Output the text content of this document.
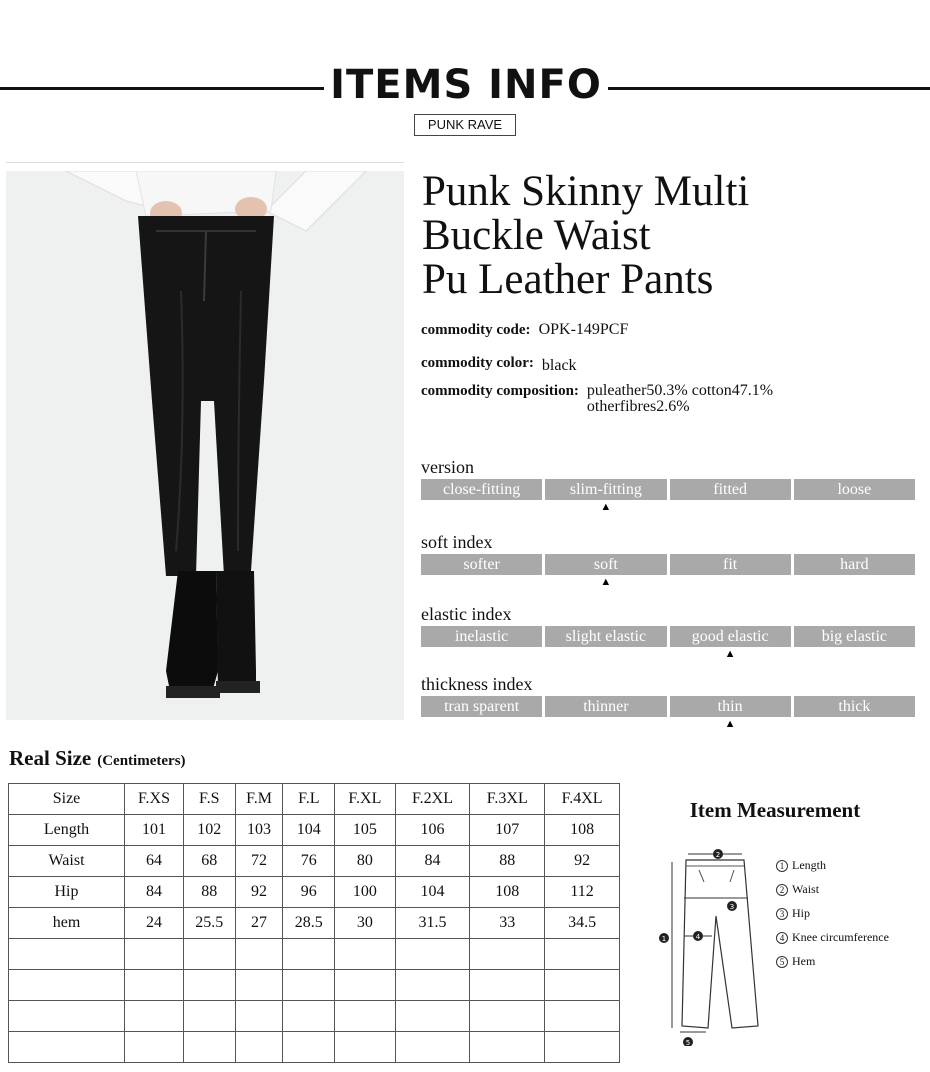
ITEMS INFO
PUNK RAVE
Punk Skinny Multi
Buckle Waist
Pu Leather Pants
commodity code: OPK-149PCF
commodity color: black
commodity composition: puleather50.3% cotton47.1%
otherfibres2.6%
version
close-fitting	slim-fitting
▲
fitted	loose
soft index
softer	soft
▲
fit	hard
elastic index
inelastic	slight elastic	good elastic
▲
big elastic
thickness index
tran sparent	thinner	thin
▲
thick
Real Size (Centimeters)
Size	F.XS	F.S	F.M	F.L	F.XL	F.2XL	F.3XL	F.4XL
Length	101	102	103	104	105	106	107	108
Waist	64	68	72	76	80	84	88	92
Hip	84	88	92	96	100	104	108	112
hem	24	25.5	27	28.5	30	31.5	33	34.5

Item Measurement
2
3
4
1
5
1 Length
2 Waist
3 Hip
4 Knee circumference
5 Hem
